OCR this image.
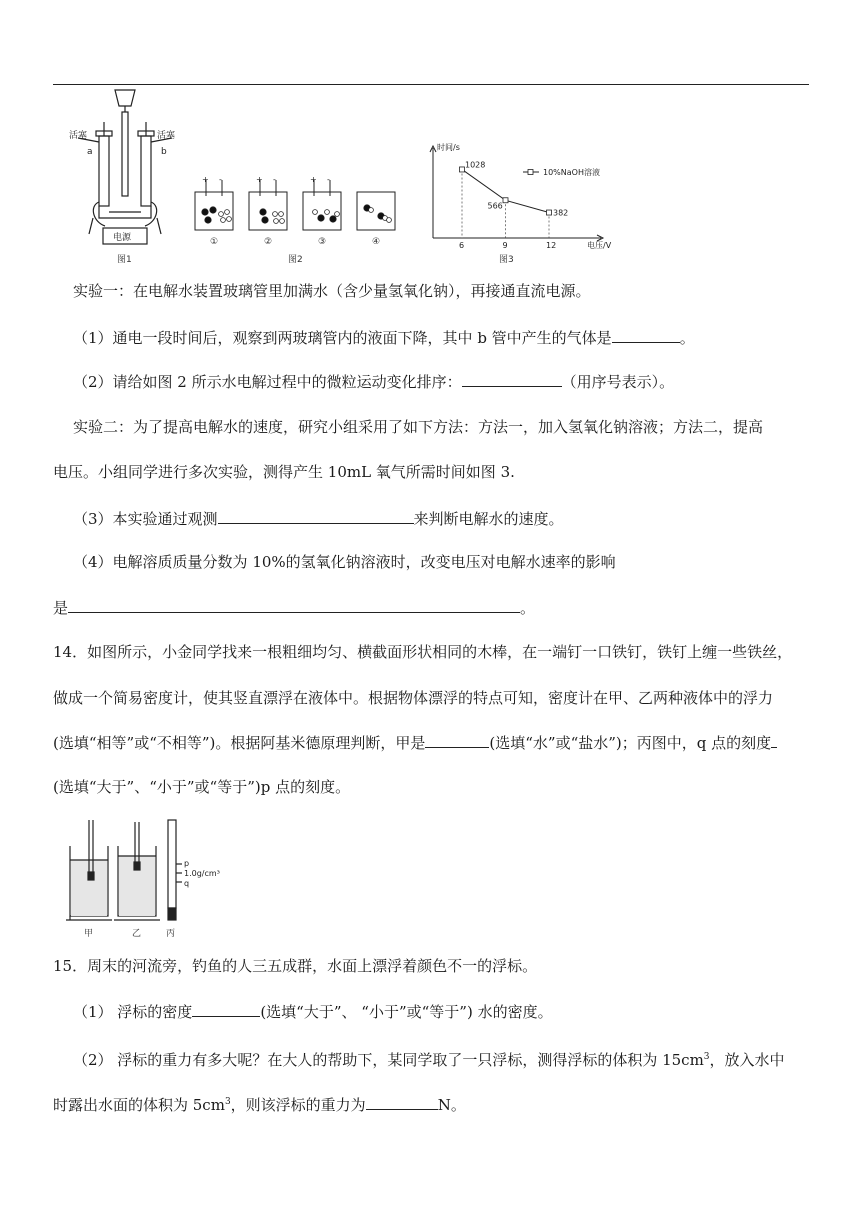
活塞	活塞
a	b
电源
图1
+ -
①
+ -
②
+ -
③	④
图2
时间/s
电压/V
10%NaOH溶液
图3
1028
6
566
9
382
12
实验一：在电解水装置玻璃管里加满水（含少量氢氧化钠），再接通直流电源。
（1）通电一段时间后，观察到两玻璃管内的液面下降，其中 b 管中产生的气体是	。
（2）请给如图 2 所示水电解过程中的微粒运动变化排序：	（用序号表示）。
实验二：为了提高电解水的速度，研究小组采用了如下方法：方法一，加入氢氧化钠溶液；方法二，提高
电压。小组同学进行多次实验，测得产生 10mL 氧气所需时间如图 3.
（3）本实验通过观测	来判断电解水的速度。
（4）电解溶质质量分数为 10%的氢氧化钠溶液时，改变电压对电解水速率的影响
是	。
14．如图所示，小金同学找来一根粗细均匀、横截面形状相同的木棒，在一端钉一口铁钉，铁钉上缠一些铁丝，
做成一个简易密度计，使其竖直漂浮在液体中。根据物体漂浮的特点可知，密度计在甲、乙两种液体中的浮力
(选填“相等”或“不相等”)。根据阿基米德原理判断，甲是	(选填“水”或“盐水”)；丙图中，q 点的刻度
(选填“大于”、“小于”或“等于”)p 点的刻度。
p
1.0g/cm³
q
甲	乙	丙
15．周末的河流旁，钓鱼的人三五成群，水面上漂浮着颜色不一的浮标。
（1） 浮标的密度	(选填“大于”、 “小于”或“等于”) 水的密度。
（2） 浮标的重力有多大呢？在大人的帮助下，某同学取了一只浮标，测得浮标的体积为 $15cm^3$，放入水中
时露出水面的体积为 $5cm^3$，则该浮标的重力为	N。
